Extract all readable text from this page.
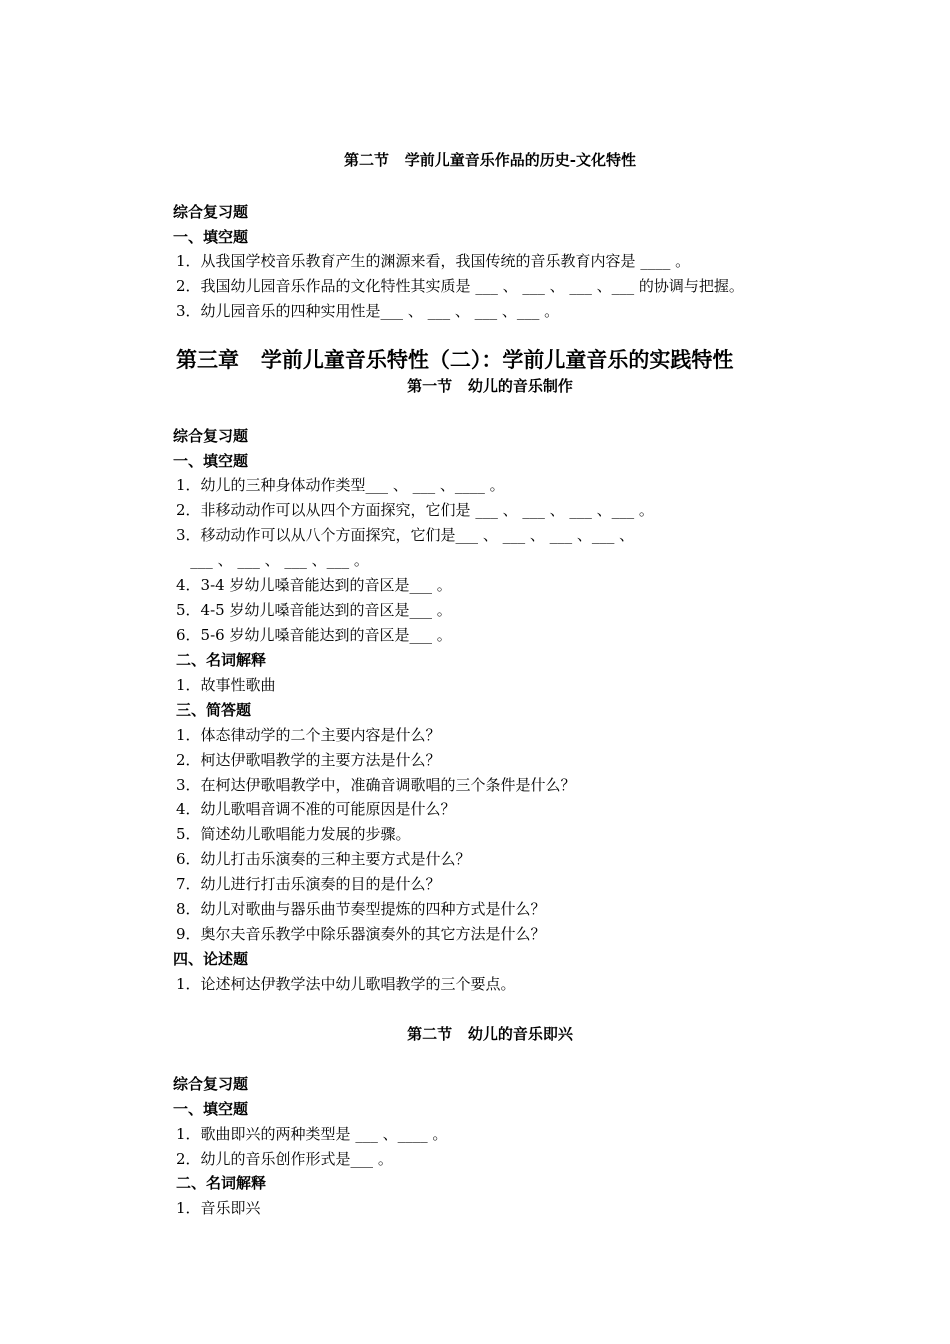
第二节   学前儿童音乐作品的历史-文化特性
综合复习题
一、填空题
1．从我国学校音乐教育产生的渊源来看，我国传统的音乐教育内容是 ____ 。
2．我国幼儿园音乐作品的文化特性其实质是 ___ 、 ___ 、 ___ 、___ 的协调与把握。
3．幼儿园音乐的四种实用性是___ 、 ___ 、 ___ 、___ 。
第三章   学前儿童音乐特性（二）：学前儿童音乐的实践特性
第一节   幼儿的音乐制作
综合复习题
一、填空题
1．幼儿的三种身体动作类型___ 、 ___ 、____ 。
2．非移动动作可以从四个方面探究，它们是 ___ 、 ___ 、 ___ 、___ 。
3．移动动作可以从八个方面探究，它们是___ 、 ___ 、 ___ 、___ 、
___ 、 ___ 、 ___ 、___ 。
4．3-4 岁幼儿嗓音能达到的音区是___ 。
5．4-5 岁幼儿嗓音能达到的音区是___ 。
6．5-6 岁幼儿嗓音能达到的音区是___ 。
二、名词解释
1．故事性歌曲
三、简答题
1．体态律动学的二个主要内容是什么？
2．柯达伊歌唱教学的主要方法是什么？
3．在柯达伊歌唱教学中，准确音调歌唱的三个条件是什么？
4．幼儿歌唱音调不准的可能原因是什么？
5．简述幼儿歌唱能力发展的步骤。
6．幼儿打击乐演奏的三种主要方式是什么？
7．幼儿进行打击乐演奏的目的是什么？
8．幼儿对歌曲与器乐曲节奏型提炼的四种方式是什么？
9．奥尔夫音乐教学中除乐器演奏外的其它方法是什么？
四、论述题
1．论述柯达伊教学法中幼儿歌唱教学的三个要点。
第二节   幼儿的音乐即兴
综合复习题
一、填空题
1．歌曲即兴的两种类型是 ___ 、____ 。
2．幼儿的音乐创作形式是___ 。
二、名词解释
1．音乐即兴
